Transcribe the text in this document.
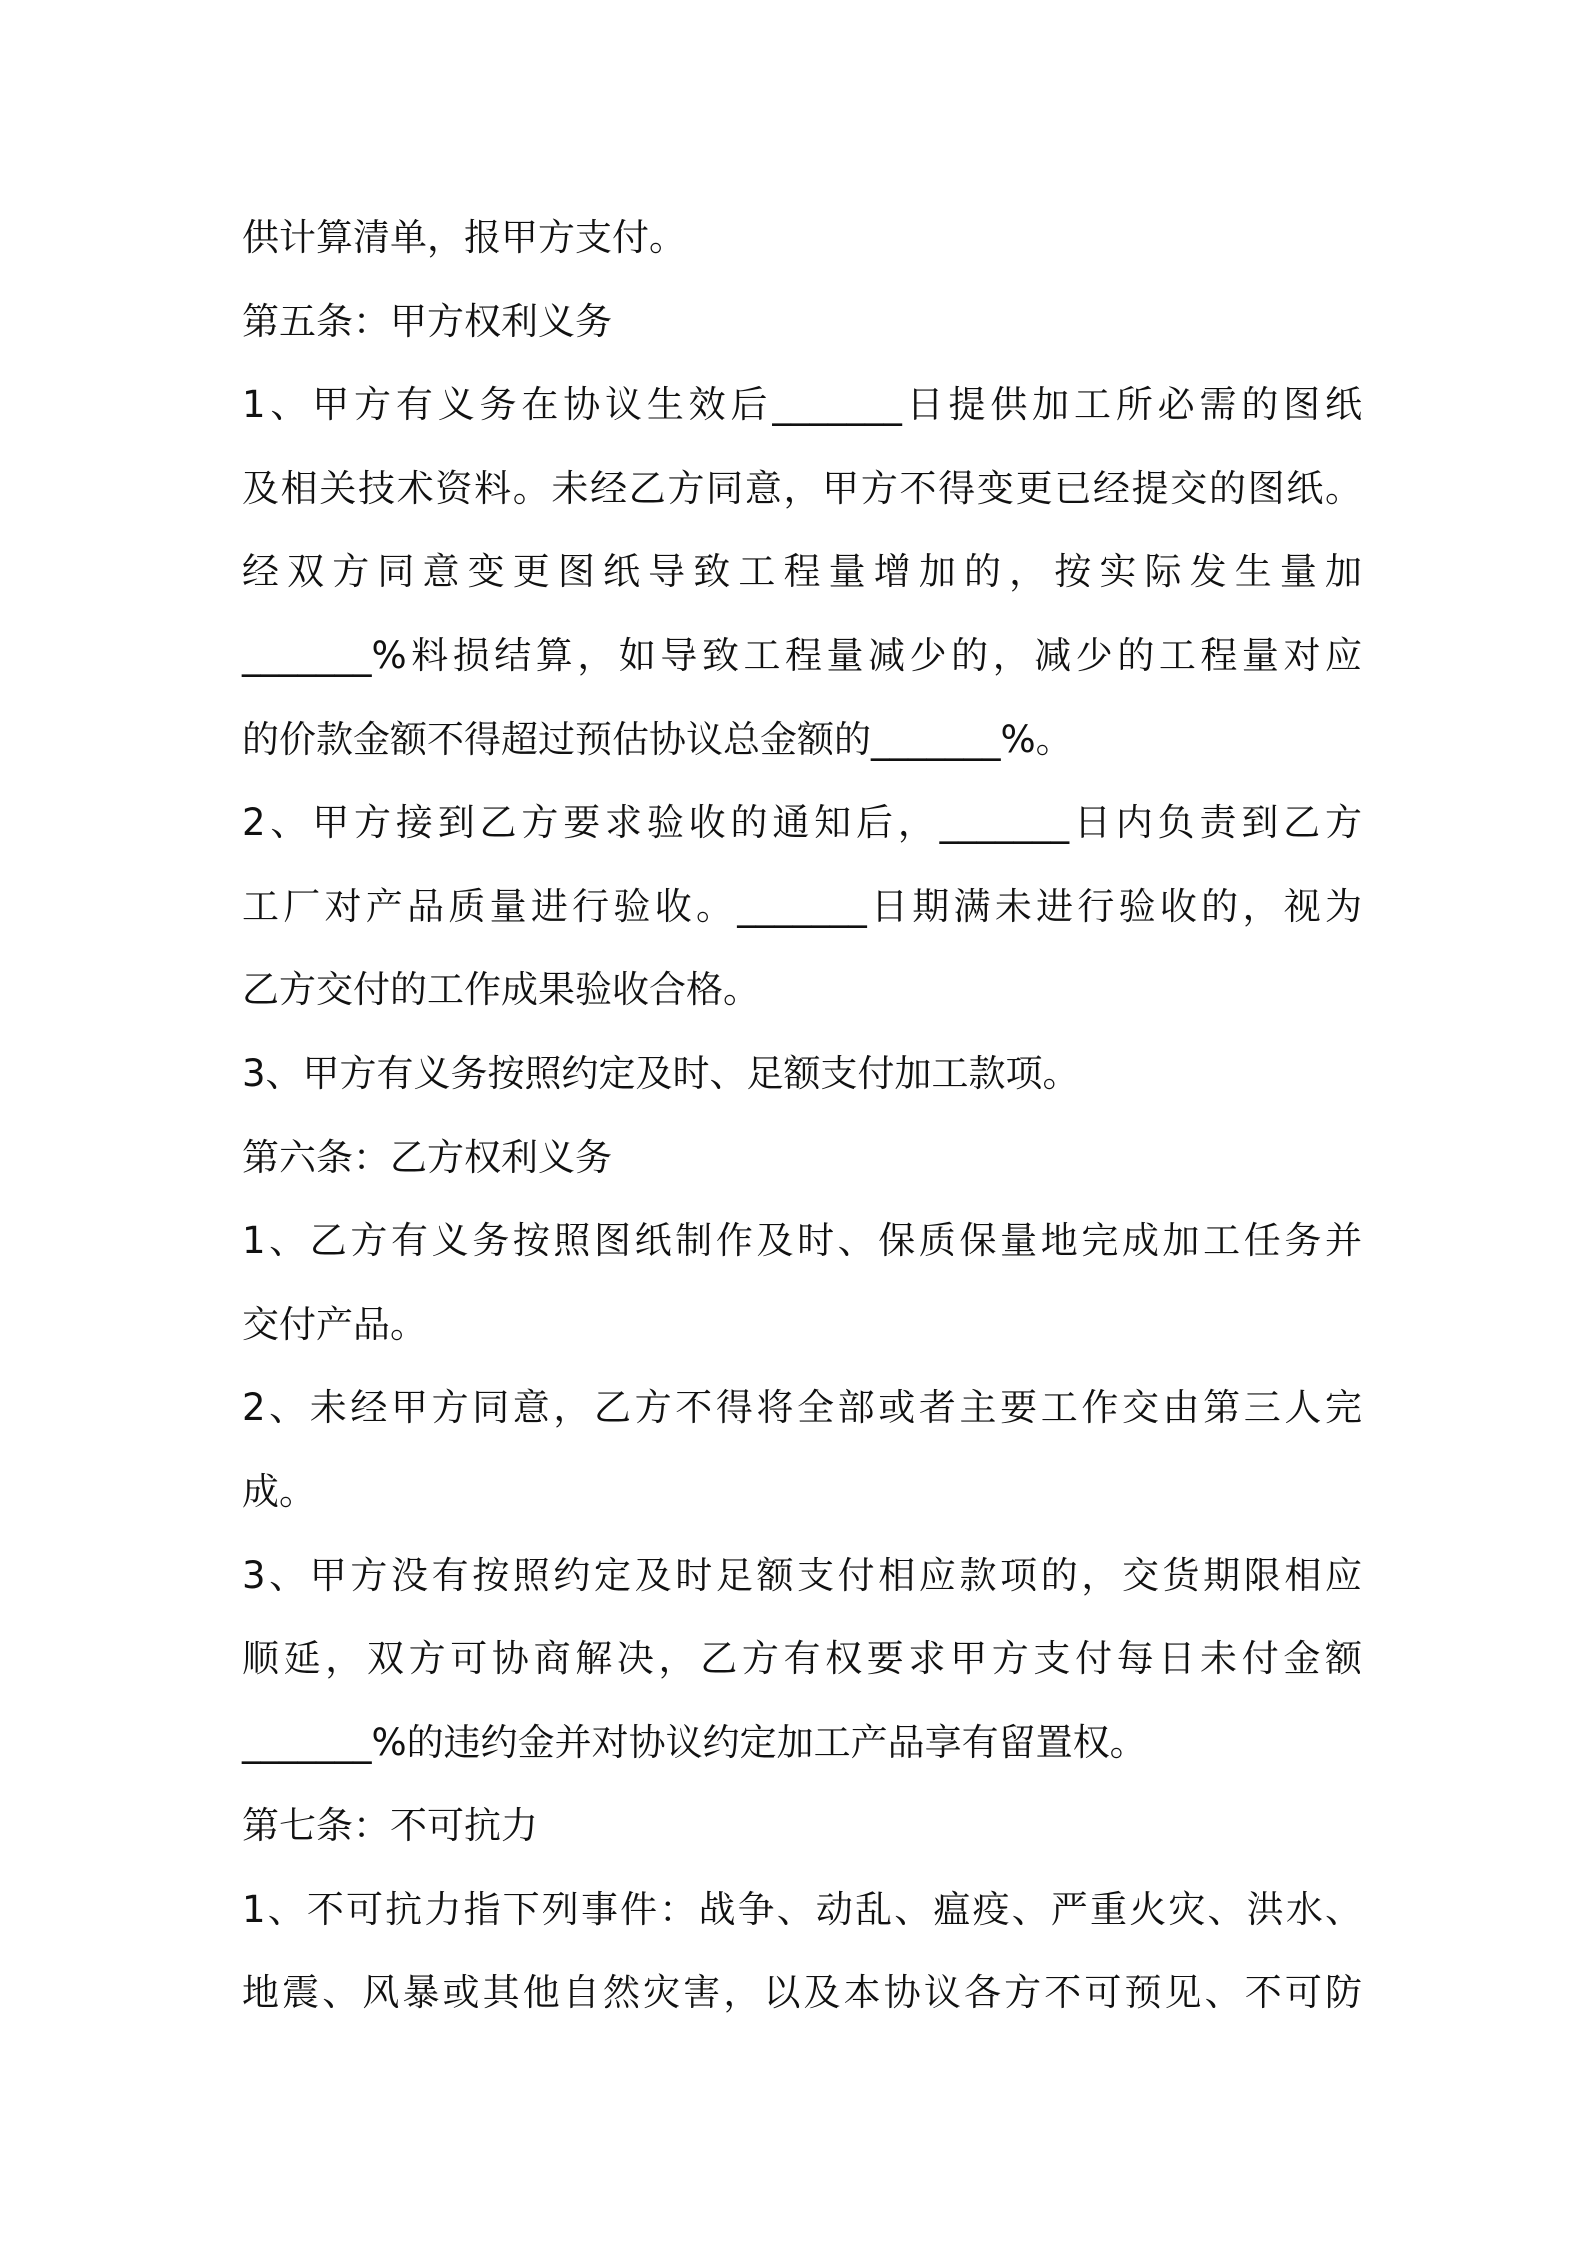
供计算清单，报甲方支付。
第五条：甲方权利义务
1、甲方有义务在协议生效后_______日提供加工所必需的图纸
及相关技术资料。未经乙方同意，甲方不得变更已经提交的图纸。
经双方同意变更图纸导致工程量增加的，按实际发生量加
_______%料损结算，如导致工程量减少的，减少的工程量对应
的价款金额不得超过预估协议总金额的_______%。
2、甲方接到乙方要求验收的通知后，_______日内负责到乙方
工厂对产品质量进行验收。_______日期满未进行验收的，视为
乙方交付的工作成果验收合格。
3、甲方有义务按照约定及时、足额支付加工款项。
第六条：乙方权利义务
1、乙方有义务按照图纸制作及时、保质保量地完成加工任务并
交付产品。
2、未经甲方同意，乙方不得将全部或者主要工作交由第三人完
成。
3、甲方没有按照约定及时足额支付相应款项的，交货期限相应
顺延，双方可协商解决，乙方有权要求甲方支付每日未付金额
_______%的违约金并对协议约定加工产品享有留置权。
第七条：不可抗力
1、不可抗力指下列事件：战争、动乱、瘟疫、严重火灾、洪水、
地震、风暴或其他自然灾害，以及本协议各方不可预见、不可防
